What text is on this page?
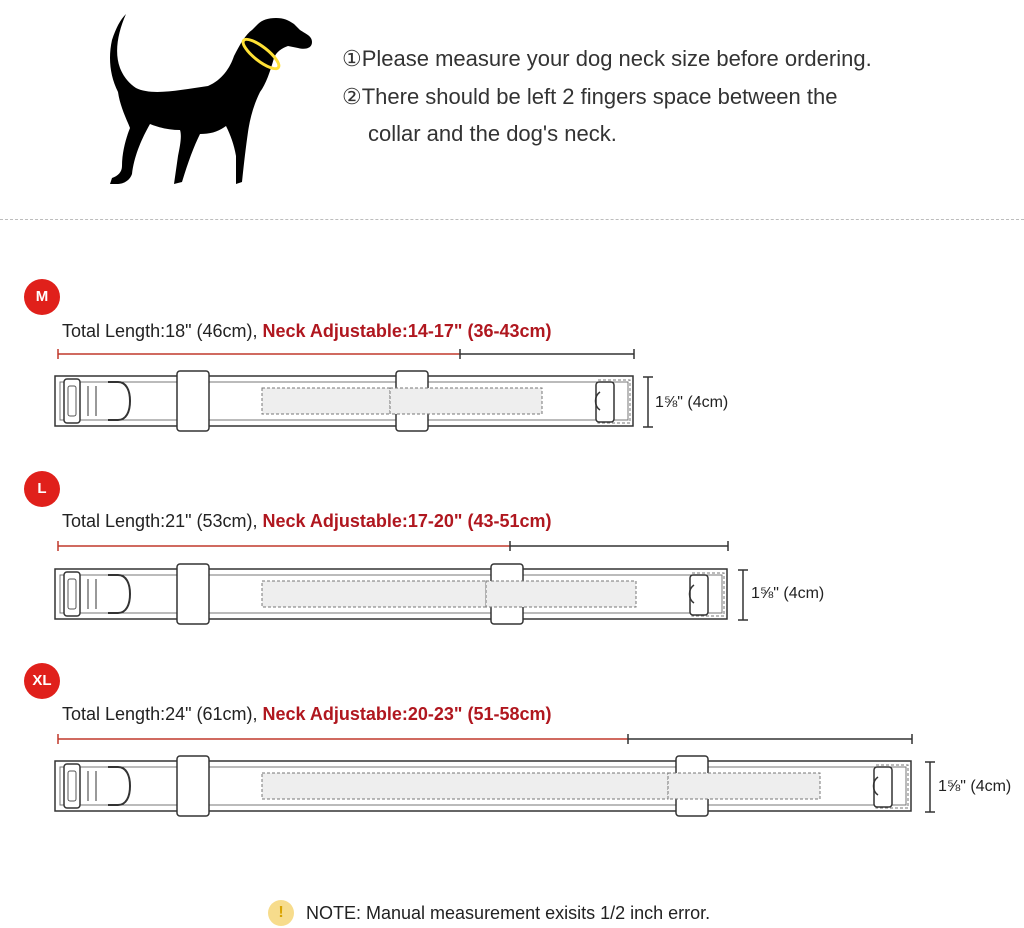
①Please measure your dog neck size before ordering.
②There should be left 2 fingers space between the
collar and the dog's neck.
M
Total Length:18" (46cm), Neck Adjustable:14-17" (36-43cm)
1⅝" (4cm)
L
Total Length:21" (53cm), Neck Adjustable:17-20" (43-51cm)
1⅝" (4cm)
XL
Total Length:24" (61cm), Neck Adjustable:20-23" (51-58cm)
1⅝" (4cm)
!	NOTE: Manual measurement exisits 1/2 inch error.
